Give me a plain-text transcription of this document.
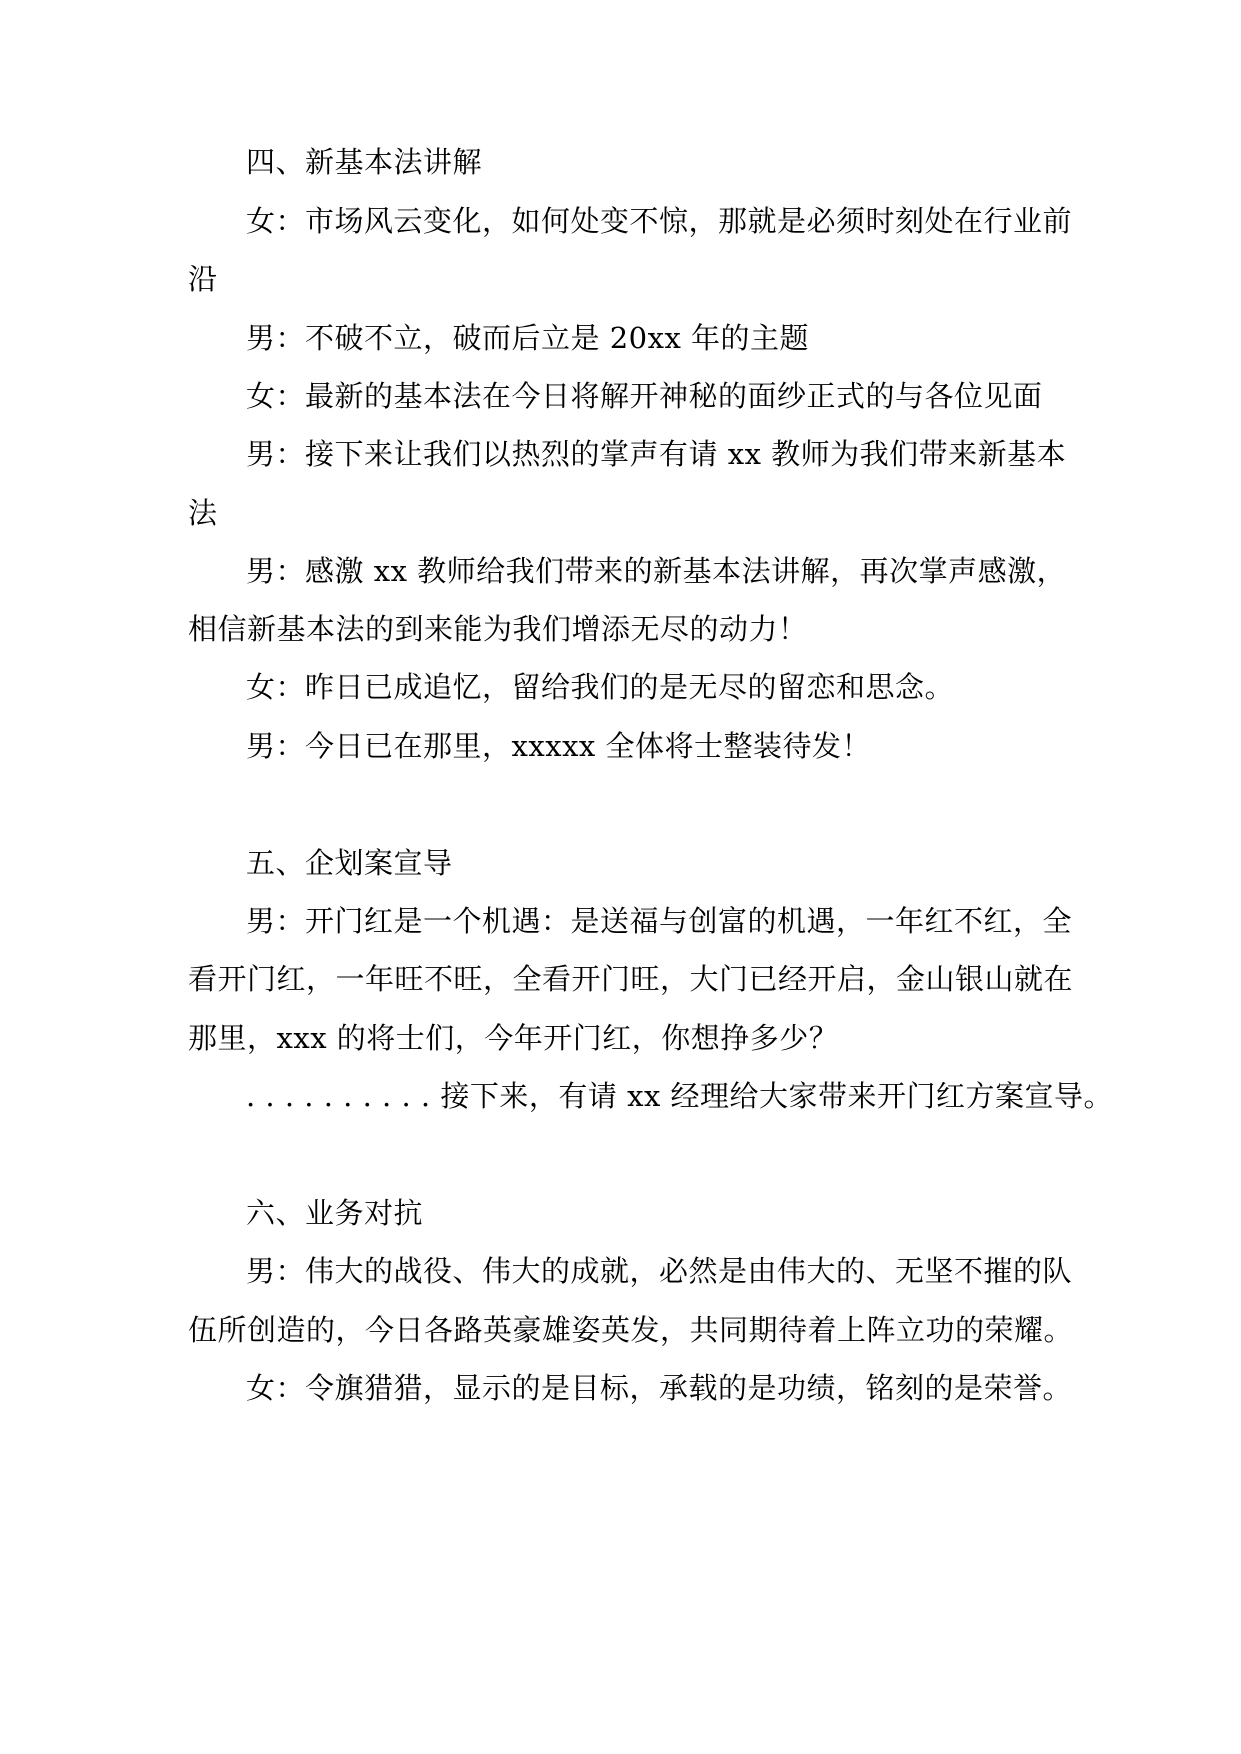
四、新基本法讲解
女：市场风云变化，如何处变不惊，那就是必须时刻处在行业前
沿
男：不破不立，破而后立是 20xx 年的主题
女：最新的基本法在今日将解开神秘的面纱正式的与各位见面
男：接下来让我们以热烈的掌声有请 xx 教师为我们带来新基本
法
男：感激 xx 教师给我们带来的新基本法讲解，再次掌声感激，
相信新基本法的到来能为我们增添无尽的动力！
女：昨日已成追忆，留给我们的是无尽的留恋和思念。
男：今日已在那里，xxxxx 全体将士整装待发！
五、企划案宣导
男：开门红是一个机遇：是送福与创富的机遇，一年红不红，全
看开门红，一年旺不旺，全看开门旺，大门已经开启，金山银山就在
那里，xxx 的将士们，今年开门红，你想挣多少？
. . . . . . . . . . 接下来，有请 xx 经理给大家带来开门红方案宣导。
六、业务对抗
男：伟大的战役、伟大的成就，必然是由伟大的、无坚不摧的队
伍所创造的，今日各路英豪雄姿英发，共同期待着上阵立功的荣耀。
女：令旗猎猎，显示的是目标，承载的是功绩，铭刻的是荣誉。
